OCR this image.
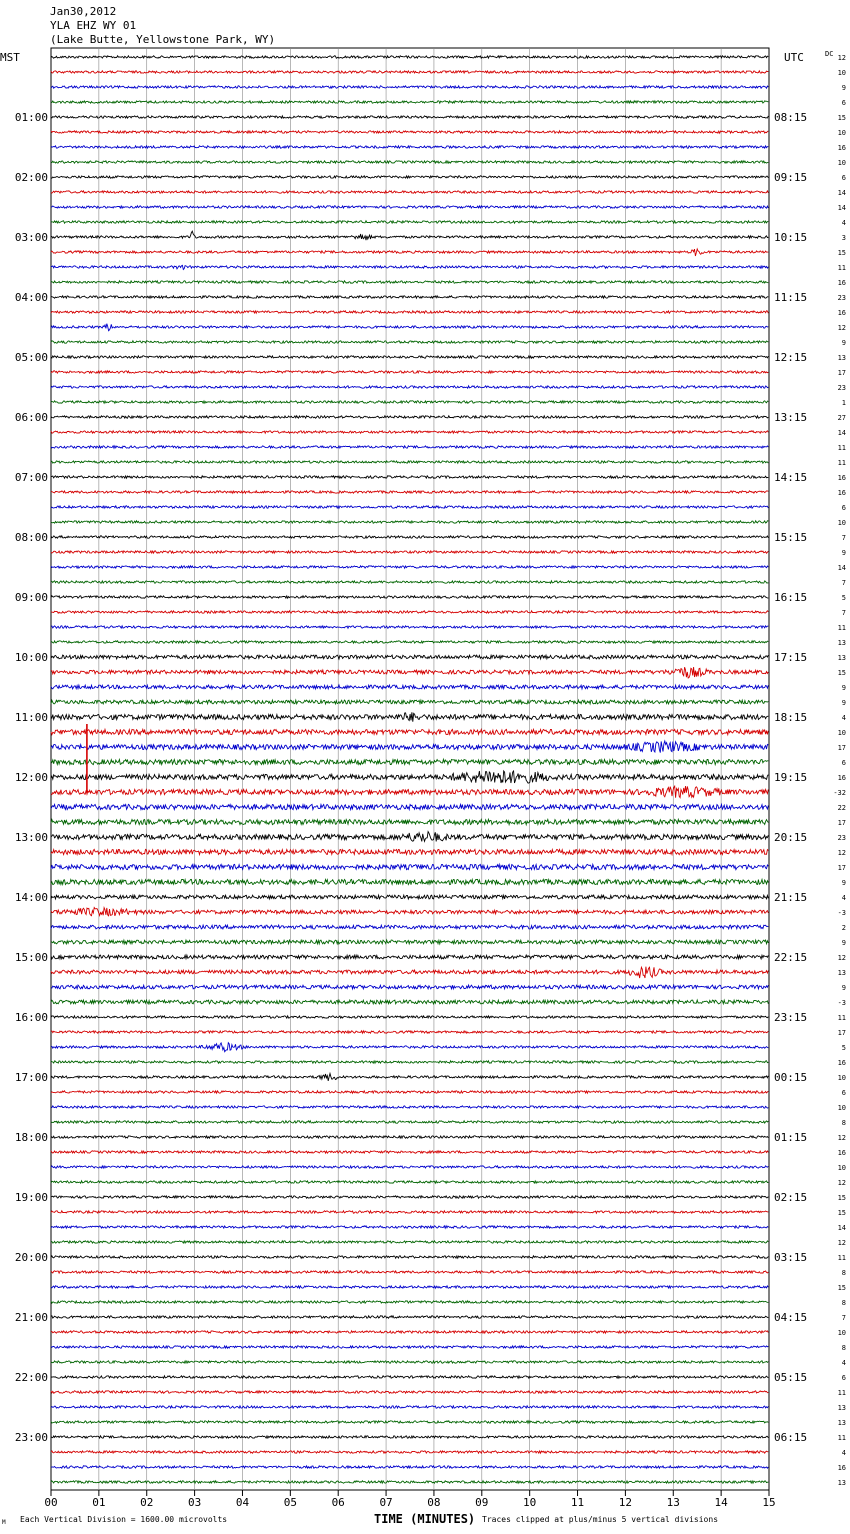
Jan30,2012
YLA EHZ WY 01
(Lake Butte, Yellowstone Park, WY)
MST	UTC
00	01	02	03	04	05	06	07	08	09	10	11	12	13	14	15
DC
01:00
02:00
03:00
04:00
05:00
06:00
07:00
08:00
09:00
10:00
11:00
12:00
13:00
14:00
15:00
16:00
17:00
18:00
19:00
20:00
21:00
22:00
23:00
08:15
09:15
10:15
11:15
12:15
13:15
14:15
15:15
16:15
17:15
18:15
19:15
20:15
21:15
22:15
23:15
00:15
01:15
02:15
03:15
04:15
05:15
06:15
12
10
9
6
15
10
16
10
6
14
14
4
3
15
11
16
23
16
12
9
13
17
23
1
27
14
11
11
16
16
6
10
7
9
14
7
5
7
11
13
13
15
9
9
4
10
17
6
16
-32
22
17
23
12
17
9
4
-3
2
9
12
13
9
-3
11
17
5
16
10
6
10
8
12
16
10
12
15
15
14
12
11
8
15
8
7
10
8
4
6
11
13
13
11
4
16
13
M Each Vertical Division = 1600.00 microvolts	TIME (MINUTES) Traces clipped at plus/minus 5 vertical divisions
